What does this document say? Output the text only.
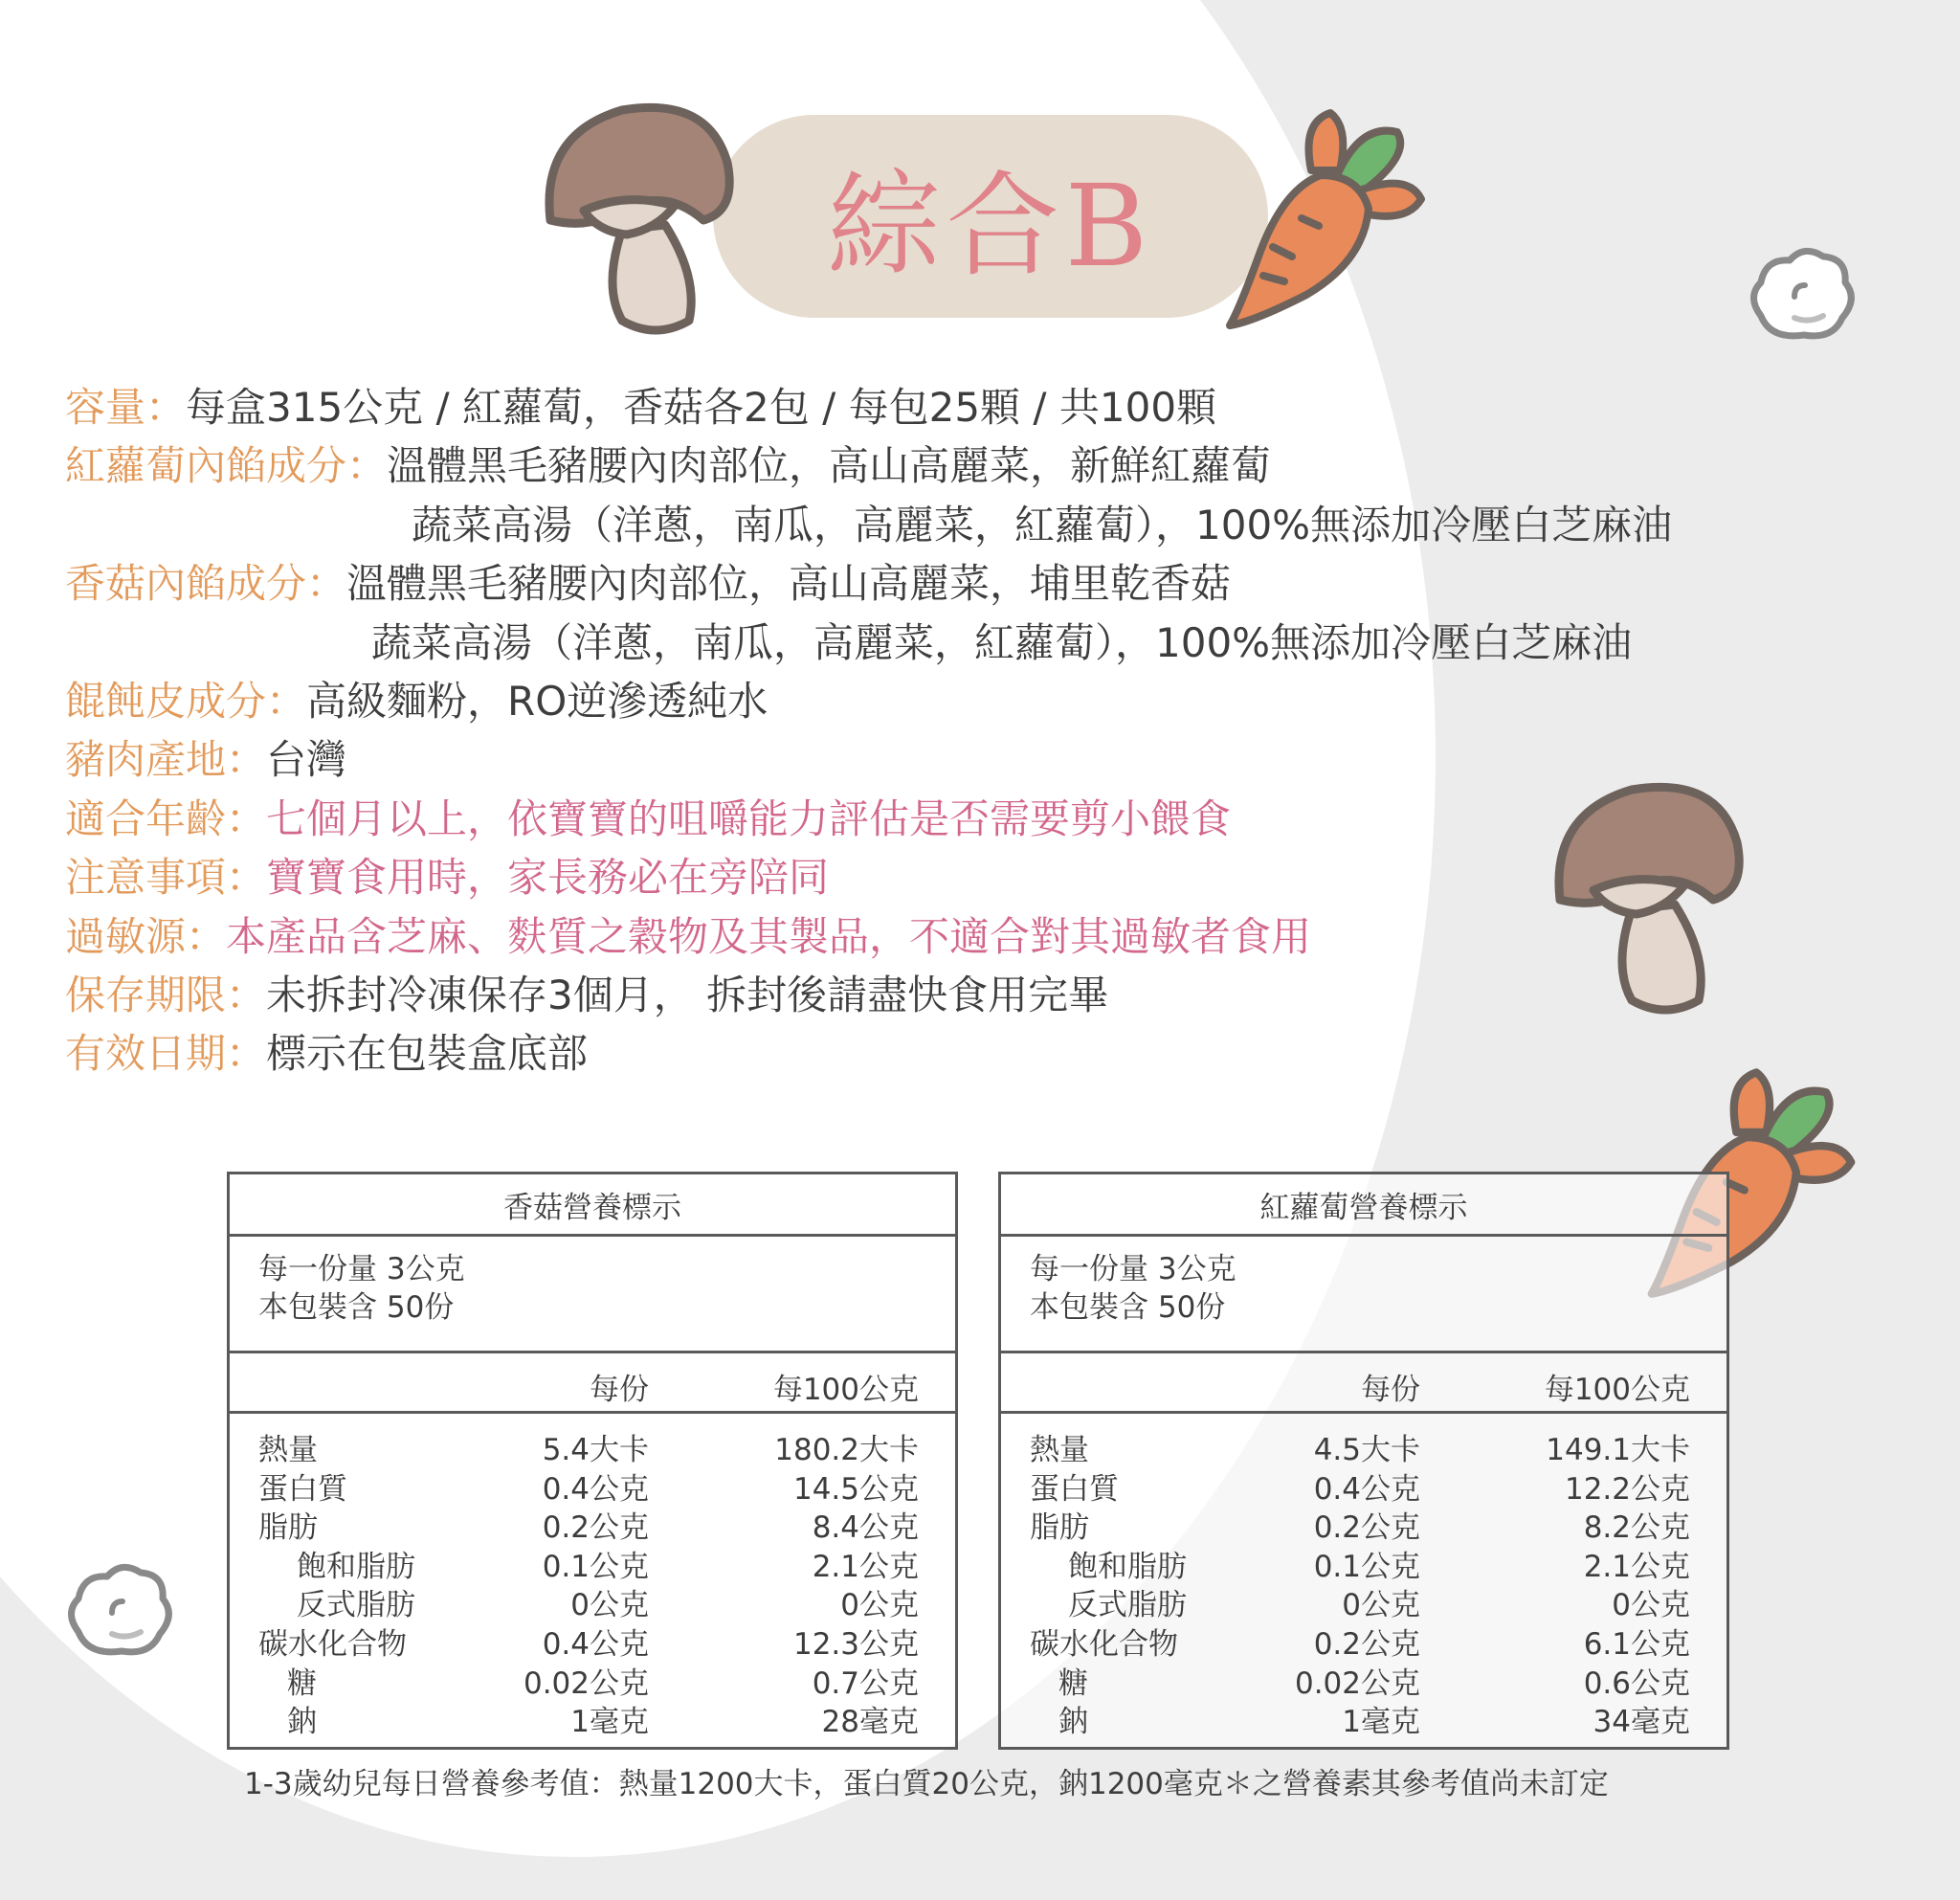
綜合B
容量：每盒315公克 / 紅蘿蔔，香菇各2包 / 每包25顆 / 共100顆
紅蘿蔔內餡成分：溫體黑毛豬腰內肉部位，高山高麗菜，新鮮紅蘿蔔
蔬菜高湯（洋蔥，南瓜，高麗菜，紅蘿蔔），100%無添加冷壓白芝麻油
香菇內餡成分：溫體黑毛豬腰內肉部位，高山高麗菜，埔里乾香菇
蔬菜高湯（洋蔥，南瓜，高麗菜，紅蘿蔔），100%無添加冷壓白芝麻油
餛飩皮成分：高級麵粉，RO逆滲透純水
豬肉產地：台灣
適合年齡：七個月以上，依寶寶的咀嚼能力評估是否需要剪小餵食
注意事項：寶寶食用時，家長務必在旁陪同
過敏源：本產品含芝麻、麩質之穀物及其製品，不適合對其過敏者食用
保存期限：未拆封冷凍保存3個月， 拆封後請盡快食用完畢
有效日期：標示在包裝盒底部
香菇營養標示
每一份量 3公克
本包裝含 50份
每份	每100公克
熱量	5.4大卡	180.2大卡
蛋白質	0.4公克	14.5公克
脂肪	0.2公克	8.4公克
飽和脂肪	0.1公克	2.1公克
反式脂肪	0公克	0公克
碳水化合物	0.4公克	12.3公克
糖	0.02公克	0.7公克
鈉	1毫克	28毫克
紅蘿蔔營養標示
每一份量 3公克
本包裝含 50份
每份	每100公克
熱量	4.5大卡	149.1大卡
蛋白質	0.4公克	12.2公克
脂肪	0.2公克	8.2公克
飽和脂肪	0.1公克	2.1公克
反式脂肪	0公克	0公克
碳水化合物	0.2公克	6.1公克
糖	0.02公克	0.6公克
鈉	1毫克	34毫克
1-3歲幼兒每日營養參考值：熱量1200大卡，蛋白質20公克，鈉1200毫克＊之營養素其參考值尚未訂定
